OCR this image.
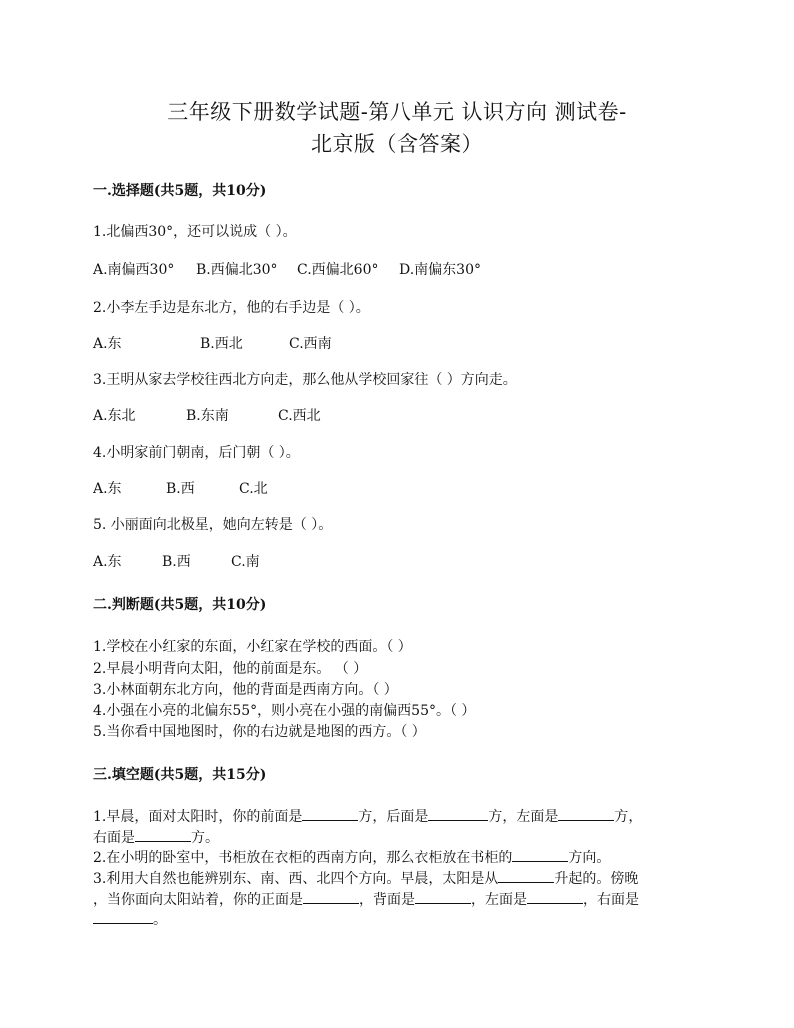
三年级下册数学试题-第八单元 认识方向 测试卷-
北京版（含答案）
一.选择题(共5题，共10分)
1.北偏西30°，还可以说成（ ）。
A.南偏西30° B.西偏北30° C.西偏北60° D.南偏东30°
2.小李左手边是东北方，他的右手边是（ ）。
A.东	B.西北	C.西南
3.王明从家去学校往西北方向走，那么他从学校回家往（ ）方向走。
A.东北	B.东南	C.西北
4.小明家前门朝南，后门朝（ ）。
A.东	B.西	C.北
5. 小丽面向北极星，她向左转是（ ）。
A.东	B.西	C.南
二.判断题(共5题，共10分)
1.学校在小红家的东面，小红家在学校的西面。（ ）
2.早晨小明背向太阳，他的前面是东。 （ ）
3.小林面朝东北方向，他的背面是西南方向。（ ）
4.小强在小亮的北偏东55°，则小亮在小强的南偏西55°。（ ）
5.当你看中国地图时，你的右边就是地图的西方。（ ）
三.填空题(共5题，共15分)
1.早晨，面对太阳时，你的前面是	方，后面是	方，左面是	方，
右面是	方。
2.在小明的卧室中，书柜放在衣柜的西南方向，那么衣柜放在书柜的	方向。
3.利用大自然也能辨别东、南、西、北四个方向。早晨，太阳是从	升起的。傍晚
，当你面向太阳站着，你的正面是	，背面是	，左面是	，右面是
。
